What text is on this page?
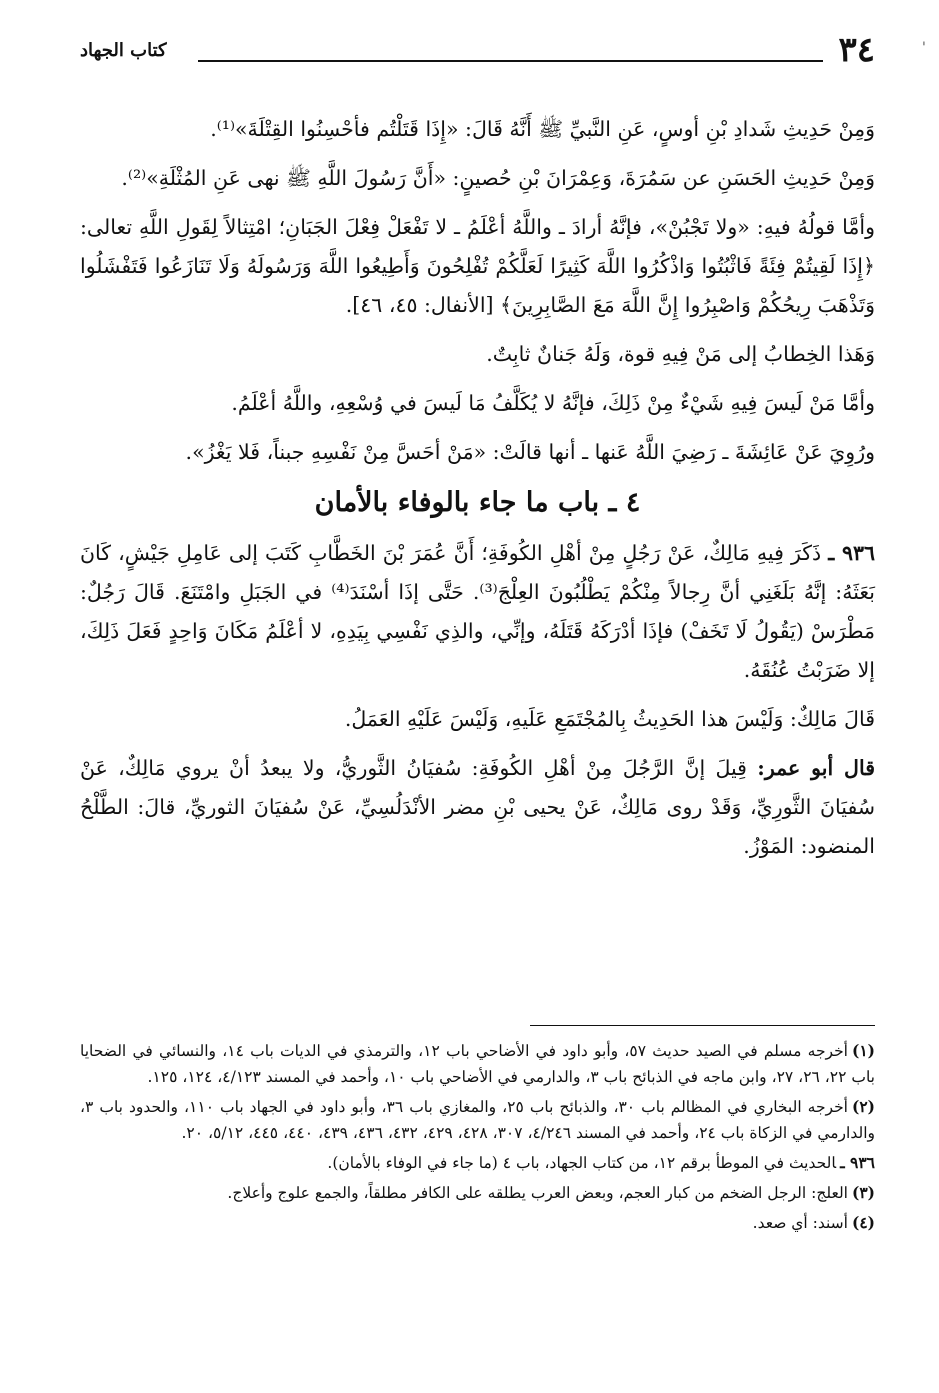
٣٤
كتاب الجهاد	'

وَمِنْ حَدِيثِ شَدادِ بْنِ أوسٍ، عَنِ النَّبيِّ ﷺ أَنَّهُ قَالَ: «إِذَا قَتَلْتُم فأحْسِنُوا القِتْلَةَ»⁽¹⁾.

وَمِنْ حَدِيثِ الحَسَنِ عن سَمُرَةَ، وَعِمْرَانَ بْنِ حُصينٍ: «أَنَّ رَسُولَ اللَّهِ ﷺ نهى عَنِ المُثْلَةِ»⁽²⁾.

وأمَّا قولُهُ فيهِ: «ولا تَجْبُنْ»، فإنَّهُ أرادَ ـ واللَّهُ أعْلَمُ ـ لا تَفْعَلْ فِعْلَ الجَبَانِ؛ امْتِثالاً لِقَولِ اللَّهِ تعالى: ﴿إِذَا لَقِيتُمْ فِئَةً فَاثْبُتُوا وَاذْكُرُوا اللَّهَ كَثِيرًا لَعَلَّكُمْ تُفْلِحُونَ وَأَطِيعُوا اللَّهَ وَرَسُولَهُ وَلَا تَنَازَعُوا فَتَفْشَلُوا وَتَذْهَبَ رِيحُكُمْ وَاصْبِرُوا إِنَّ اللَّهَ مَعَ الصَّابِرِينَ﴾ [الأنفال: ٤٥، ٤٦].

وَهَذا الخِطابُ إلى مَنْ فِيهِ قوة، وَلَهُ جَنانٌ ثابِتٌ.

وأمَّا مَنْ لَيسَ فِيهِ شَيْءٌ مِنْ ذَلِكَ، فإنَّهُ لا يُكَلَّفُ مَا لَيسَ في وُسْعِهِ، واللَّهُ أعْلَمُ.

ورُوِيَ عَنْ عَائِشَةَ ـ رَضِيَ اللَّهُ عَنها ـ أنها قالَتْ: «مَنْ أحَسَّ مِنْ نَفْسِهِ جبناً، فَلا يَغْزُ».

٤ ـ باب ما جاء بالوفاء بالأمان

٩٣٦ ـ ذَكَرَ فِيهِ مَالِكٌ، عَنْ رَجُلٍ مِنْ أهْلِ الكُوفَةِ؛ أَنَّ عُمَرَ بْنَ الخَطَّابِ كَتَبَ إلى عَامِلِ جَيْشٍ، كَانَ بَعَثَهُ: إنَّهُ بَلَغَنِي أنَّ رِجالاً مِنْكُمْ يَطْلُبُونَ العِلْجَ⁽³⁾. حَتَّى إذَا أسْنَدَ⁽⁴⁾ في الجَبَلِ وامْتَنَعَ. قَالَ رَجُلٌ: مَطْرَسْ (يَقُولُ لَا تَخَفْ) فإذَا أدْرَكَهُ قَتَلَهُ، وإنِّي، والذِي نَفْسِي بِيَدِهِ، لا أعْلَمُ مَكَانَ وَاحِدٍ فَعَلَ ذَلِكَ، إلا ضَرَبْتُ عُنُقَهُ.

قَالَ مَالِكٌ: وَلَيْسَ هذا الحَدِيثُ بِالمُجْتَمَعِ عَلَيهِ، وَلَيْسَ عَلَيْهِ العَمَلُ.

قال أبو عمر: قِيلَ إنَّ الرَّجُلَ مِنْ أهْلِ الكُوفَةِ: سُفيَانُ الثَّوريُّ، ولا يبعدُ أنْ يروي مَالِكٌ، عَنْ سُفيَانَ الثَّورِيِّ، وَقَدْ روى مَالِكٌ، عَنْ يحيى بْنِ مضر الأنْدَلُسِيِّ، عَنْ سُفيَانَ الثوريِّ، قالَ: الطَّلْحُ المنضود: المَوْزُ.

(١)أخرجه مسلم في الصيد حديث ٥٧، وأبو داود في الأضاحي باب ١٢، والترمذي في الديات باب ١٤، والنسائي في الضحايا باب ٢٢، ٢٦، ٢٧، وابن ماجه في الذبائح باب ٣، والدارمي في الأضاحي باب ١٠، وأحمد في المسند ٤/١٢٣، ١٢٤، ١٢٥.

(٢)أخرجه البخاري في المظالم باب ٣٠، والذبائح باب ٢٥، والمغازي باب ٣٦، وأبو داود في الجهاد باب ١١٠، والحدود باب ٣، والدارمي في الزكاة باب ٢٤، وأحمد في المسند ٤/٢٤٦، ٣٠٧، ٤٢٨، ٤٢٩، ٤٣٢، ٤٣٦، ٤٣٩، ٤٤٠، ٤٤٥، ٥/١٢، ٢٠.

٩٣٦ ـالحديث في الموطأ برقم ١٢، من كتاب الجهاد، باب ٤ (ما جاء في الوفاء بالأمان).

(٣)العلج: الرجل الضخم من كبار العجم، وبعض العرب يطلقه على الكافر مطلقاً، والجمع علوج وأعلاج.

(٤)أسند: أي صعد.
